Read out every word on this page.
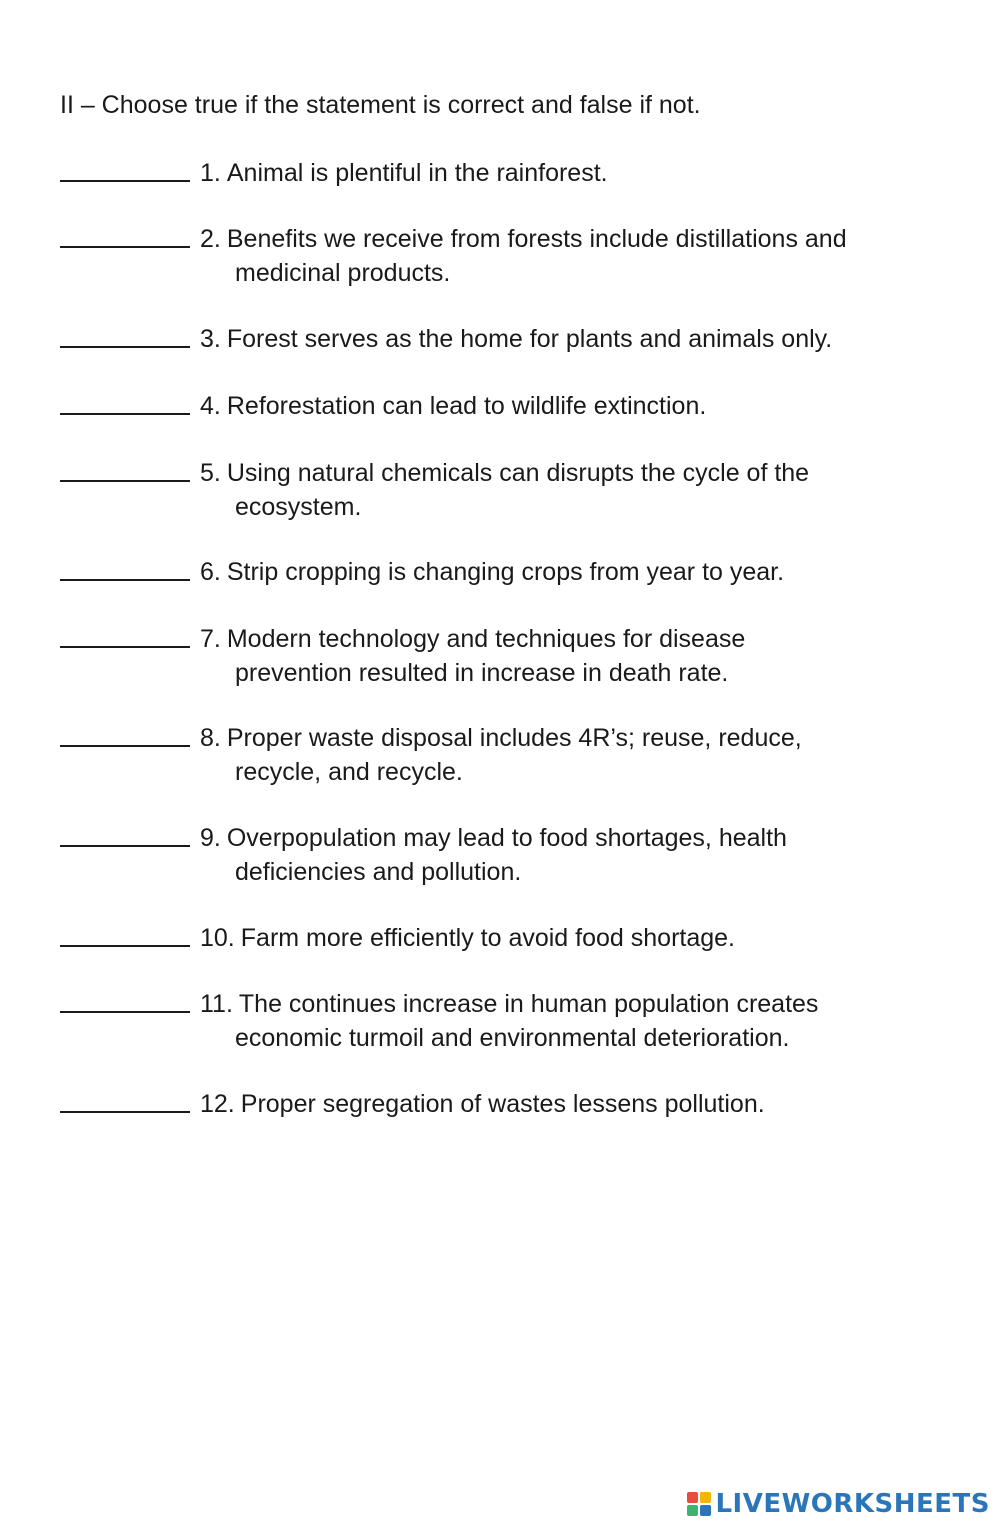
II – Choose true if the statement is correct and false if not.
1. Animal is plentiful in the rainforest.
2. Benefits we receive from forests include distillations and
medicinal products.
3. Forest serves as the home for plants and animals only.
4. Reforestation can lead to wildlife extinction.
5. Using natural chemicals can disrupts the cycle of the
ecosystem.
6. Strip cropping is changing crops from year to year.
7. Modern technology and techniques for disease
prevention resulted in increase in death rate.
8. Proper waste disposal includes 4R’s; reuse, reduce,
recycle, and recycle.
9. Overpopulation may lead to food shortages, health
deficiencies and pollution.
10. Farm more efficiently to avoid food shortage.
11. The continues increase in human population creates
economic turmoil and environmental deterioration.
12. Proper segregation of wastes lessens pollution.
LIVEWORKSHEETS
